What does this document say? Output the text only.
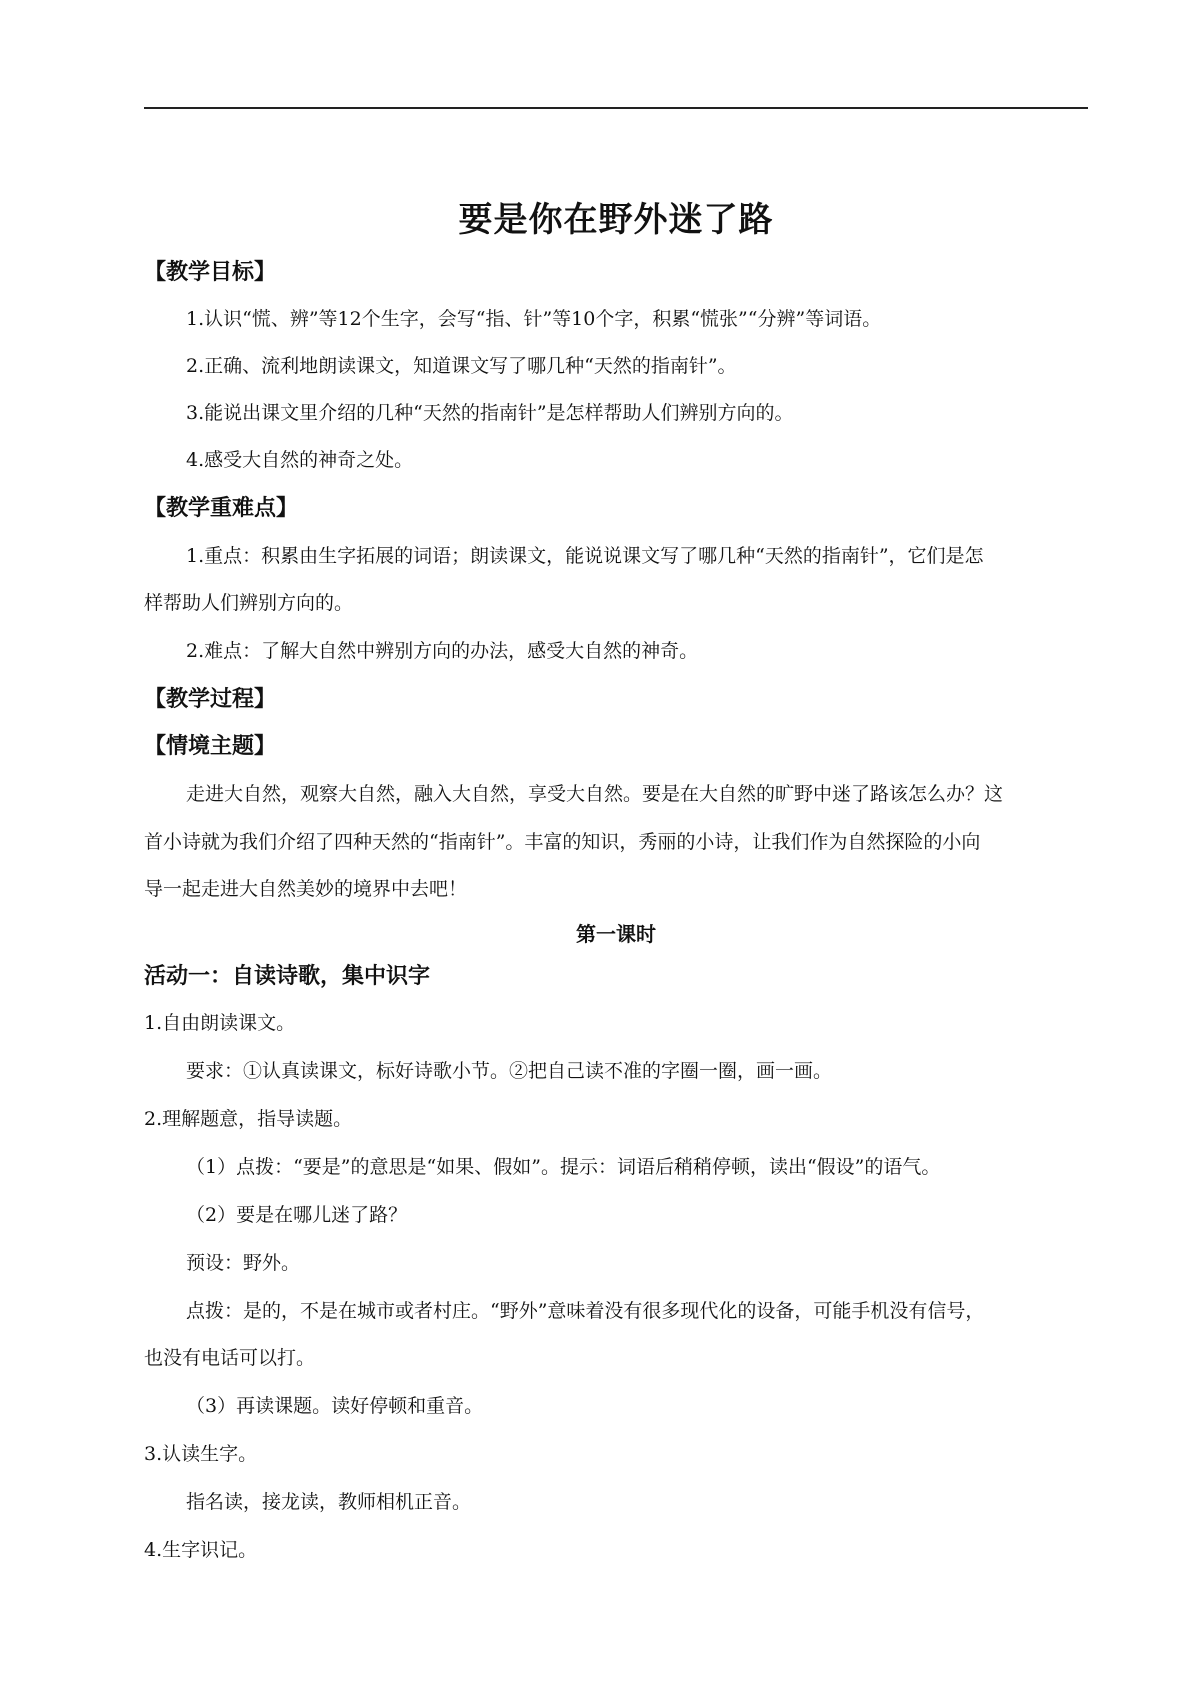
要是你在野外迷了路

【教学目标】

1.认识“慌、辨”等12个生字，会写“指、针”等10个字，积累“慌张”“分辨”等词语。

2.正确、流利地朗读课文，知道课文写了哪几种“天然的指南针”。

3.能说出课文里介绍的几种“天然的指南针”是怎样帮助人们辨别方向的。

4.感受大自然的神奇之处。

【教学重难点】

1.重点：积累由生字拓展的词语；朗读课文，能说说课文写了哪几种“天然的指南针”，它们是怎

样帮助人们辨别方向的。

2.难点：了解大自然中辨别方向的办法，感受大自然的神奇。

【教学过程】

【情境主题】

走进大自然，观察大自然，融入大自然，享受大自然。要是在大自然的旷野中迷了路该怎么办？这

首小诗就为我们介绍了四种天然的“指南针”。丰富的知识，秀丽的小诗，让我们作为自然探险的小向

导一起走进大自然美妙的境界中去吧！

第一课时

活动一：自读诗歌，集中识字

1.自由朗读课文。

要求：①认真读课文，标好诗歌小节。②把自己读不准的字圈一圈，画一画。

2.理解题意，指导读题。

（1）点拨：“要是”的意思是“如果、假如”。提示：词语后稍稍停顿，读出“假设”的语气。

（2）要是在哪儿迷了路？

预设：野外。

点拨：是的，不是在城市或者村庄。“野外”意味着没有很多现代化的设备，可能手机没有信号，

也没有电话可以打。

（3）再读课题。读好停顿和重音。

3.认读生字。

指名读，接龙读，教师相机正音。

4.生字识记。
